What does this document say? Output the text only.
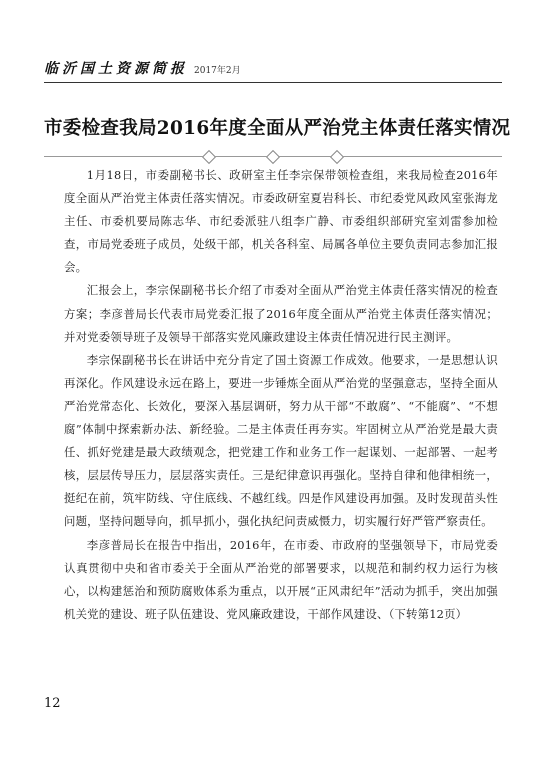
临沂国土资源简报 2017年2月
市委检查我局2016年度全面从严治党主体责任落实情况

1月18日，市委副秘书长、政研室主任李宗保带领检查组，来我局检查2016年度全面从严治党主体责任落实情况。市委政研室夏岩科长、市纪委党风政风室张海龙主任、市委机要局陈志华、市纪委派驻八组李广静、市委组织部研究室刘雷参加检查，市局党委班子成员，处级干部，机关各科室、局属各单位主要负责同志参加汇报会。

汇报会上，李宗保副秘书长介绍了市委对全面从严治党主体责任落实情况的检查方案；李彦普局长代表市局党委汇报了2016年度全面从严治党主体责任落实情况；并对党委领导班子及领导干部落实党风廉政建设主体责任情况进行民主测评。

李宗保副秘书长在讲话中充分肯定了国土资源工作成效。他要求，一是思想认识再深化。作风建设永远在路上，要进一步锤炼全面从严治党的坚强意志，坚持全面从严治党常态化、长效化，要深入基层调研，努力从干部“不敢腐”、“不能腐”、“不想腐”体制中探索新办法、新经验。二是主体责任再夯实。牢固树立从严治党是最大责任、抓好党建是最大政绩观念，把党建工作和业务工作一起谋划、一起部署、一起考核，层层传导压力，层层落实责任。三是纪律意识再强化。坚持自律和他律相统一，挺纪在前，筑牢防线、守住底线、不越红线。四是作风建设再加强。及时发现苗头性问题，坚持问题导向，抓早抓小，强化执纪问责威慑力，切实履行好严管严察责任。

李彦普局长在报告中指出，2016年，在市委、市政府的坚强领导下，市局党委认真贯彻中央和省市委关于全面从严治党的部署要求，以规范和制约权力运行为核心，以构建惩治和预防腐败体系为重点，以开展“正风肃纪年”活动为抓手，突出加强机关党的建设、班子队伍建设、党风廉政建设，干部作风建设、（下转第12页）

12
